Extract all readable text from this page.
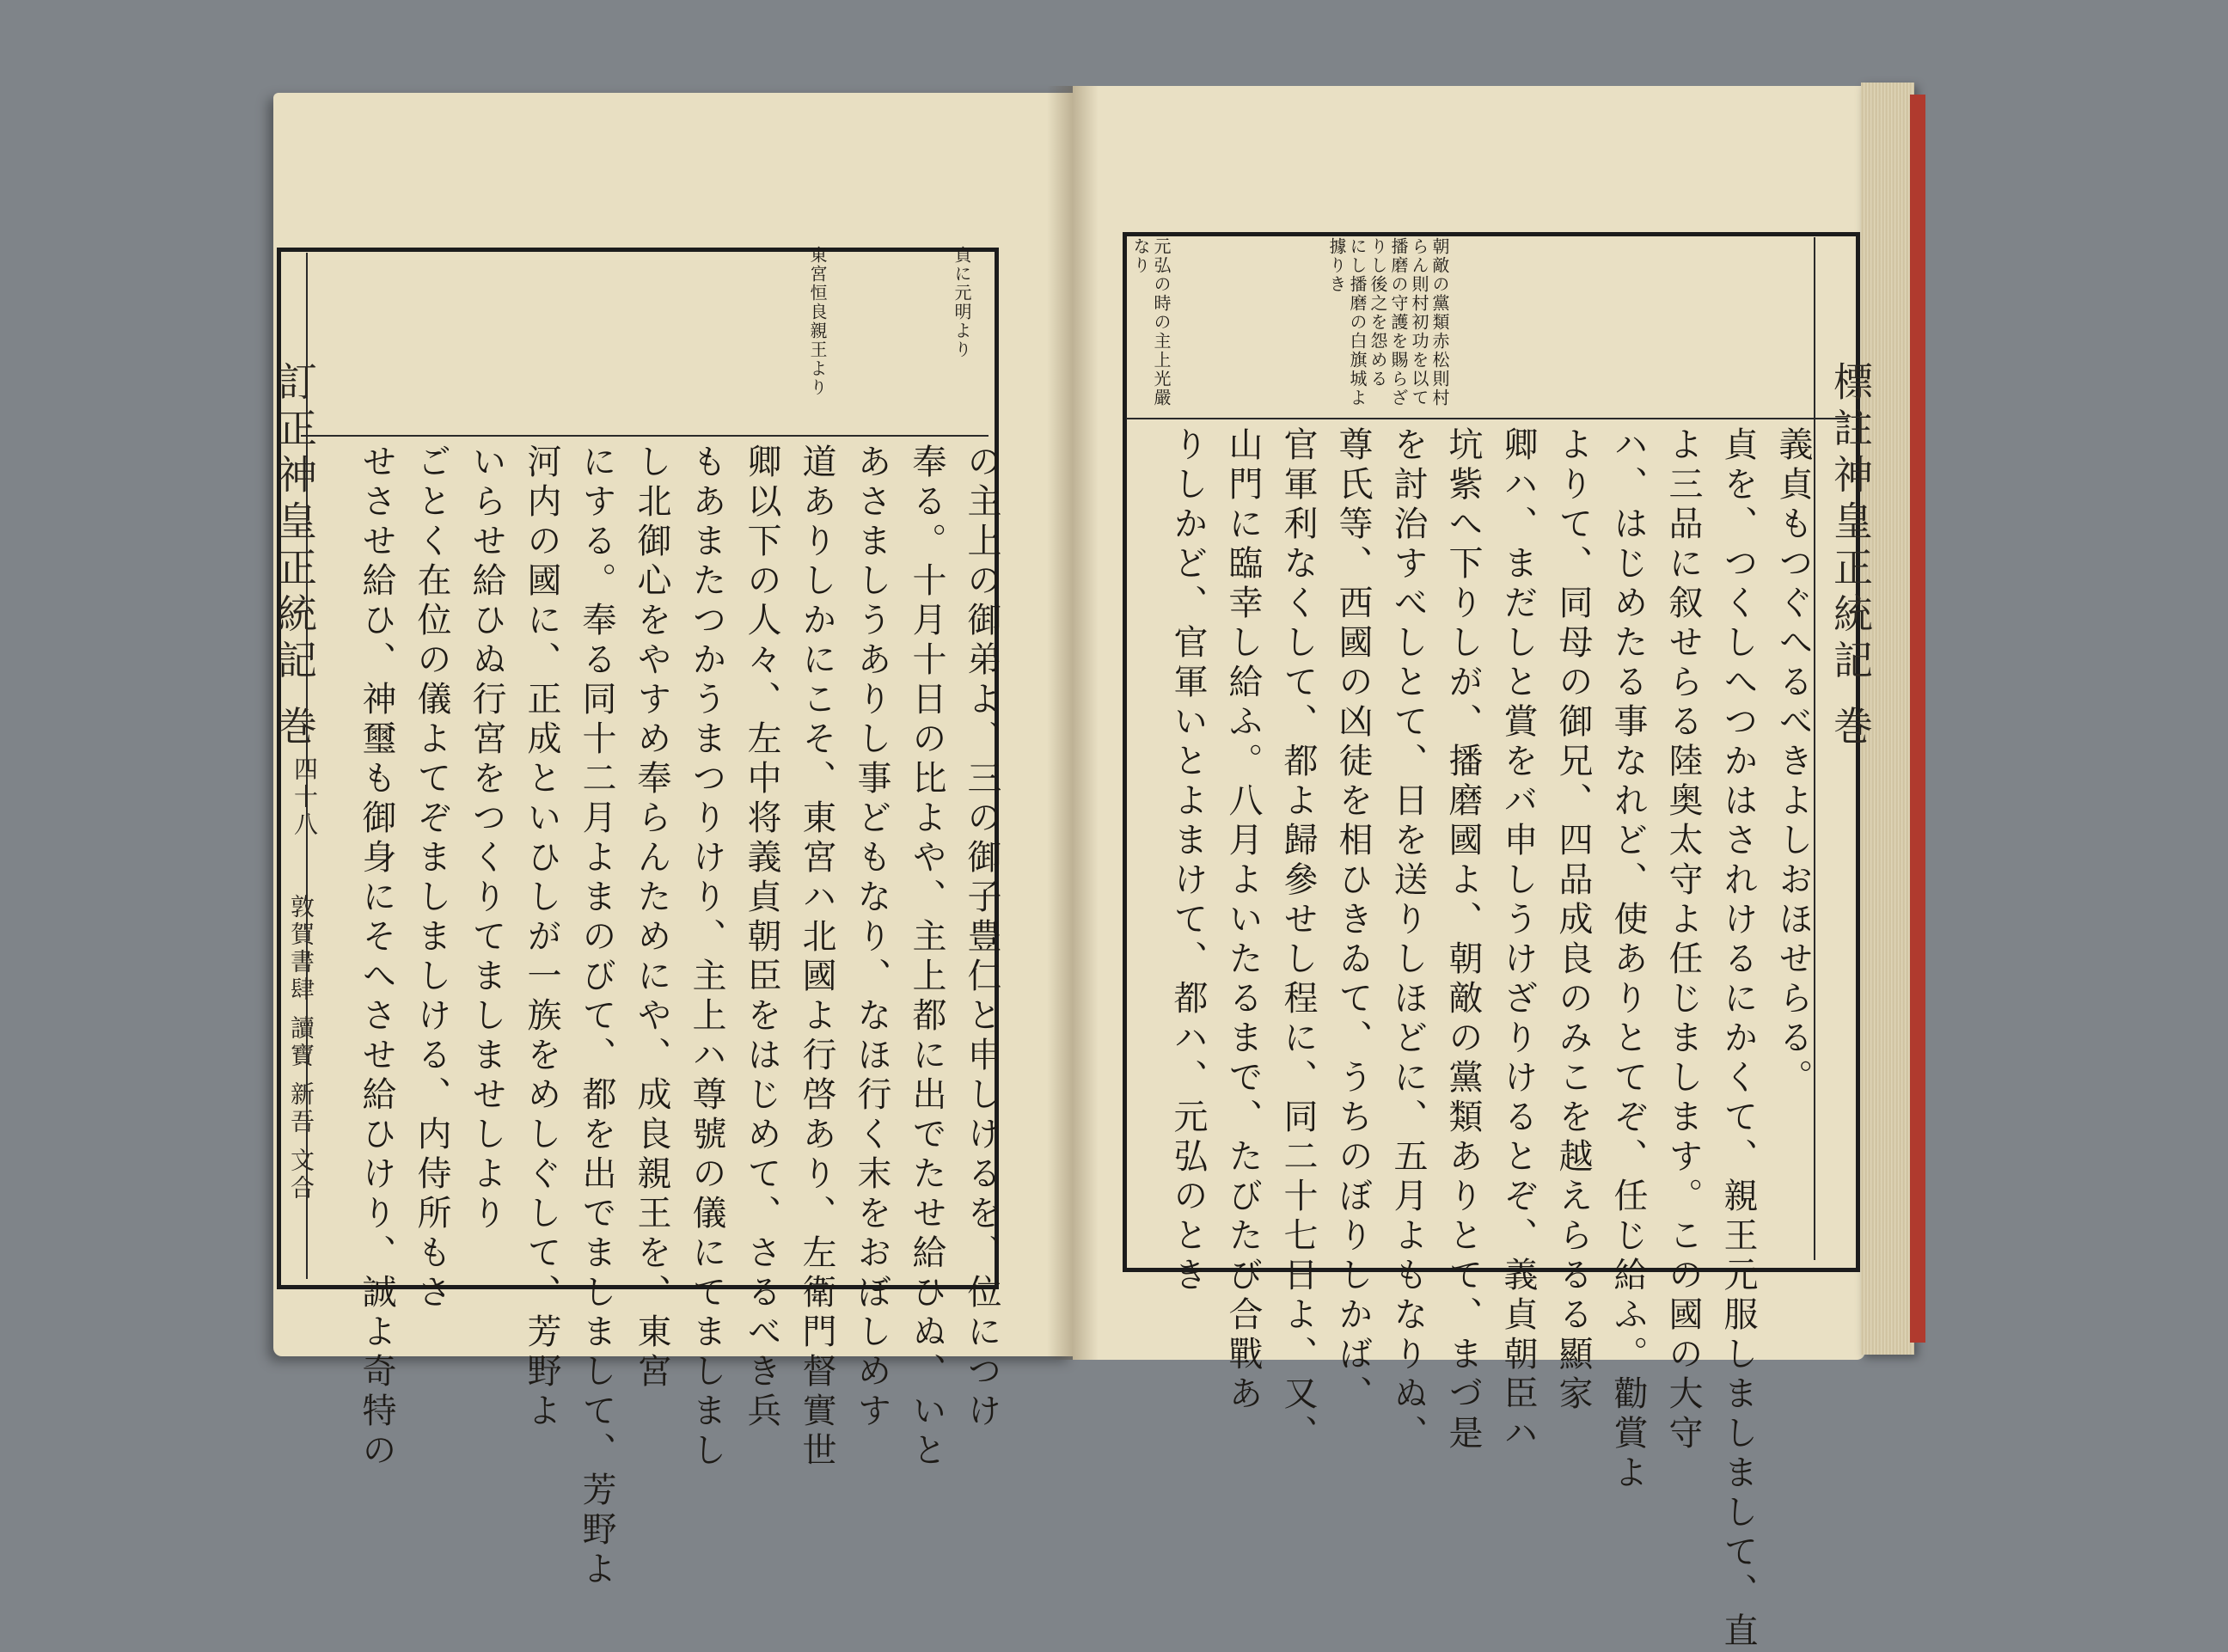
訂正神皇正統記 巻
四十八
敦賀書肆 讀寶 新吾 文合
貞に元明より
東宮恒良親王より
の主上の御弟よ、三の御子豊仁と申しけるを、位につけ
奉る。十月十日の比よや、主上都に出でたせ給ひぬ、いと
あさましうありし事どもなり、なほ行く末をおぼしめす
道ありしかにこそ、東宮ハ北國よ行啓あり、左衛門督實世
卿以下の人々、左中将義貞朝臣をはじめて、さるべき兵
もあまたつかうまつりけり、主上ハ尊號の儀にてましまし
し北御心をやすめ奉らんためにや、成良親王を、東宮
にする。奉る同十二月よまのびて、都を出でましまして、芳野よ
河内の國に、正成といひしが一族をめしぐして、芳野よ
いらせ給ひぬ行宮をつくりてましませしより
ごとく在位の儀よてぞましましける、内侍所もさ
せさせ給ひ、神璽も御身にそへさせ給ひけり、誠よ奇特の	標註神皇正統記 巻
朝敵の黨類赤松則村
らん則村初功を以て
播磨の守護を賜らざ
りし後之を怨める
にし播磨の白旗城よ
據りき
元弘の時の主上光嚴
なり
義貞もつぐへるべきよしおほせらる。
貞を、つくしへつかはされけるにかくて、親王元服しましまして、直
よ三品に叙せらる陸奥太守よ任じまします。この國の大守
ハ、はじめたる事なれど、使ありとてぞ、任じ給ふ。勸賞よ
よりて、同母の御兄、四品成良のみこを越えらるる顯家
卿ハ、まだしと賞をバ申しうけざりけるとぞ、義貞朝臣ハ
坑紫へ下りしが、播磨國よ、朝敵の黨類ありとて、まづ是
を討治すべしとて、日を送りしほどに、五月よもなりぬ、
尊氏等、西國の凶徒を相ひきゐて、うちのぼりしかば、
官軍利なくして、都よ歸參せし程に、同二十七日よ、又、
山門に臨幸し給ふ。八月よいたるまで、たびたび合戰あ
りしかど、官軍いとよまけて、都ハ、元弘のとき
